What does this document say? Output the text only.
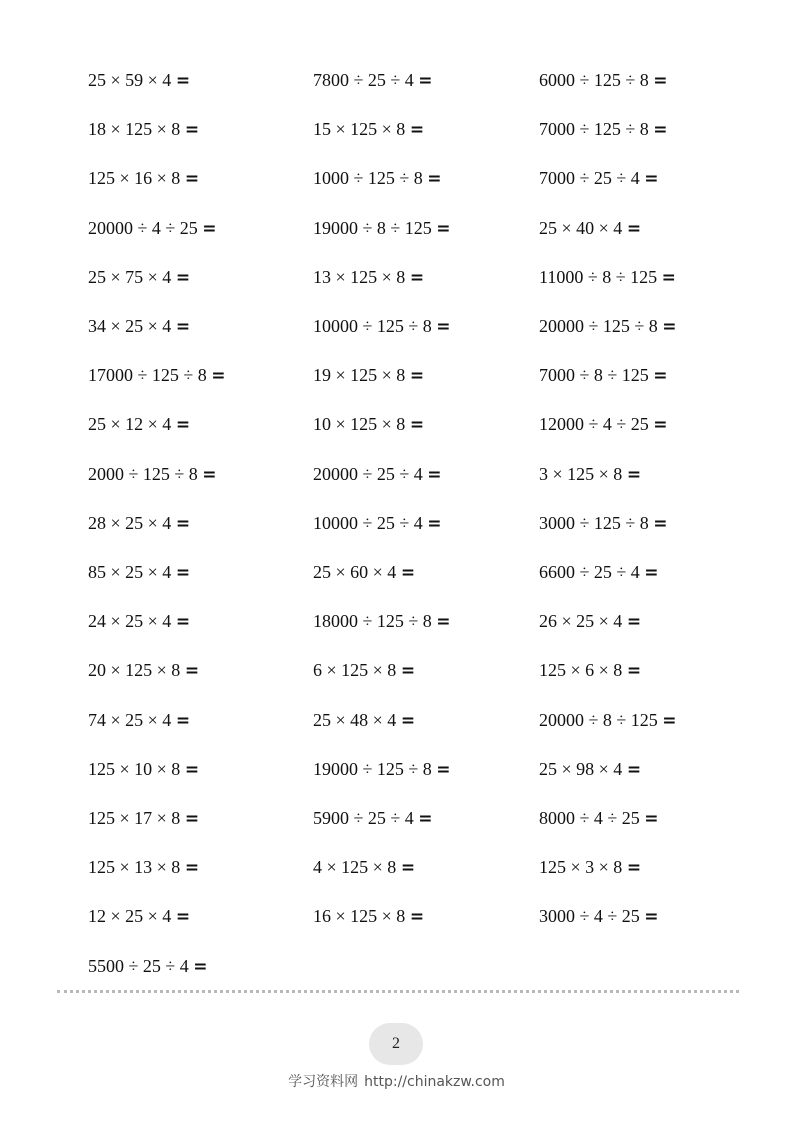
25 × 59 × 4 =	7800 ÷ 25 ÷ 4 =	6000 ÷ 125 ÷ 8 =
18 × 125 × 8 =	15 × 125 × 8 =	7000 ÷ 125 ÷ 8 =
125 × 16 × 8 =	1000 ÷ 125 ÷ 8 =	7000 ÷ 25 ÷ 4 =
20000 ÷ 4 ÷ 25 =	19000 ÷ 8 ÷ 125 =	25 × 40 × 4 =
25 × 75 × 4 =	13 × 125 × 8 =	11000 ÷ 8 ÷ 125 =
34 × 25 × 4 =	10000 ÷ 125 ÷ 8 =	20000 ÷ 125 ÷ 8 =
17000 ÷ 125 ÷ 8 =	19 × 125 × 8 =	7000 ÷ 8 ÷ 125 =
25 × 12 × 4 =	10 × 125 × 8 =	12000 ÷ 4 ÷ 25 =
2000 ÷ 125 ÷ 8 =	20000 ÷ 25 ÷ 4 =	3 × 125 × 8 =
28 × 25 × 4 =	10000 ÷ 25 ÷ 4 =	3000 ÷ 125 ÷ 8 =
85 × 25 × 4 =	25 × 60 × 4 =	6600 ÷ 25 ÷ 4 =
24 × 25 × 4 =	18000 ÷ 125 ÷ 8 =	26 × 25 × 4 =
20 × 125 × 8 =	6 × 125 × 8 =	125 × 6 × 8 =
74 × 25 × 4 =	25 × 48 × 4 =	20000 ÷ 8 ÷ 125 =
125 × 10 × 8 =	19000 ÷ 125 ÷ 8 =	25 × 98 × 4 =
125 × 17 × 8 =	5900 ÷ 25 ÷ 4 =	8000 ÷ 4 ÷ 25 =
125 × 13 × 8 =	4 × 125 × 8 =	125 × 3 × 8 =
12 × 25 × 4 =	16 × 125 × 8 =	3000 ÷ 4 ÷ 25 =
5500 ÷ 25 ÷ 4 =
2
学习资料网 http://chinakzw.com
